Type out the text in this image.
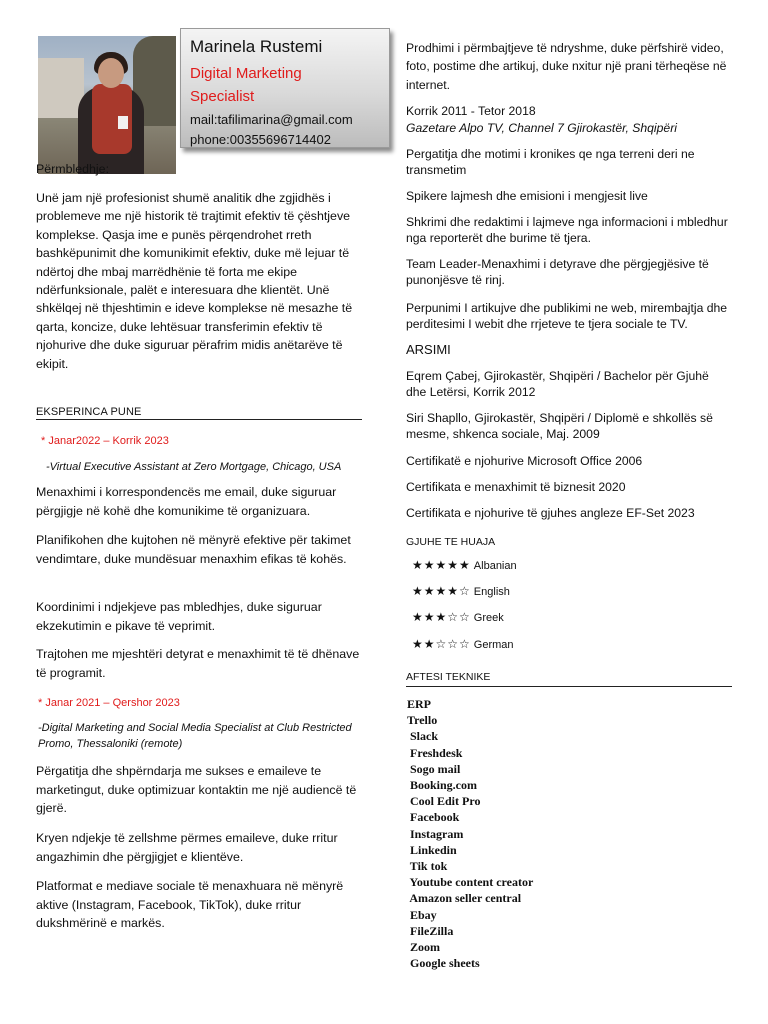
Marinela Rustemi
Digital Marketing
Specialist
mail:tafilimarina@gmail.com
phone:00355696714402
Përmbledhje:
Unë jam një profesionist shumë analitik dhe zgjidhës i problemeve me një historik të trajtimit efektiv të çështjeve komplekse. Qasja ime e punës përqendrohet rreth bashkëpunimit dhe komunikimit efektiv, duke më lejuar të ndërtoj dhe mbaj marrëdhënie të forta me ekipe ndërfunksionale, palët e interesuara dhe klientët. Unë shkëlqej në thjeshtimin e ideve komplekse në mesazhe të qarta, koncize, duke lehtësuar transferimin efektiv të njohurive dhe duke siguruar përafrim midis anëtarëve të ekipit.
EKSPERINCA PUNE
* Janar2022 – Korrik 2023
-Virtual Executive Assistant at Zero Mortgage, Chicago, USA
Menaxhimi i korrespondencës me email, duke siguruar përgjigje në kohë dhe komunikime të organizuara.
Planifikohen dhe kujtohen në mënyrë efektive për takimet vendimtare, duke mundësuar menaxhim efikas të kohës.
Koordinimi i ndjekjeve pas mbledhjes, duke siguruar ekzekutimin e pikave të veprimit.
Trajtohen me mjeshtëri detyrat e menaxhimit të të dhënave të programit.
* Janar 2021 – Qershor 2023
-Digital Marketing and Social Media Specialist at Club Restricted Promo, Thessaloniki (remote)
Përgatitja dhe shpërndarja me sukses e emaileve te marketingut, duke optimizuar kontaktin me një audiencë të gjerë.
Kryen ndjekje të zellshme përmes emaileve, duke rritur angazhimin dhe përgjigjet e klientëve.
Platformat e mediave sociale të menaxhuara në mënyrë aktive (Instagram, Facebook, TikTok), duke rritur dukshmërinë e markës.
Prodhimi i përmbajtjeve të ndryshme, duke përfshirë video, foto, postime dhe artikuj, duke nxitur një prani tërheqëse në internet.
Korrik 2011 - Tetor 2018
Gazetare Alpo TV, Channel 7 Gjirokastër, Shqipëri
Pergatitja dhe motimi i kronikes qe nga terreni deri ne transmetim
Spikere lajmesh dhe emisioni i mengjesit live
Shkrimi dhe redaktimi i lajmeve nga informacioni i mbledhur nga reporterët dhe burime të tjera.
Team Leader-Menaxhimi i detyrave dhe përgjegjësive të punonjësve të rinj.
Perpunimi I artikujve dhe publikimi ne web, mirembajtja dhe perditesimi I webit dhe rrjeteve te tjera sociale te TV.
ARSIMI
Eqrem Çabej, Gjirokastër, Shqipëri / Bachelor për Gjuhë dhe Letërsi, Korrik 2012
Siri Shapllo, Gjirokastër, Shqipëri / Diplomë e shkollës së mesme, shkenca sociale, Maj. 2009
Certifikatë e njohurive Microsoft Office 2006
Certifikata e menaxhimit të biznesit 2020
Certifikata e njohurive të gjuhes angleze EF-Set 2023
GJUHE TE HUAJA
★★★★★ Albanian
★★★★☆ English
★★★☆☆ Greek
★★☆☆☆ German
AFTESI TEKNIKE
ERP
Trello
Slack
Freshdesk
Sogo mail
Booking.com
Cool Edit Pro
Facebook
Instagram
Linkedin
Tik tok
Youtube content creator
Amazon seller central
Ebay
FileZilla
Zoom
Google sheets
